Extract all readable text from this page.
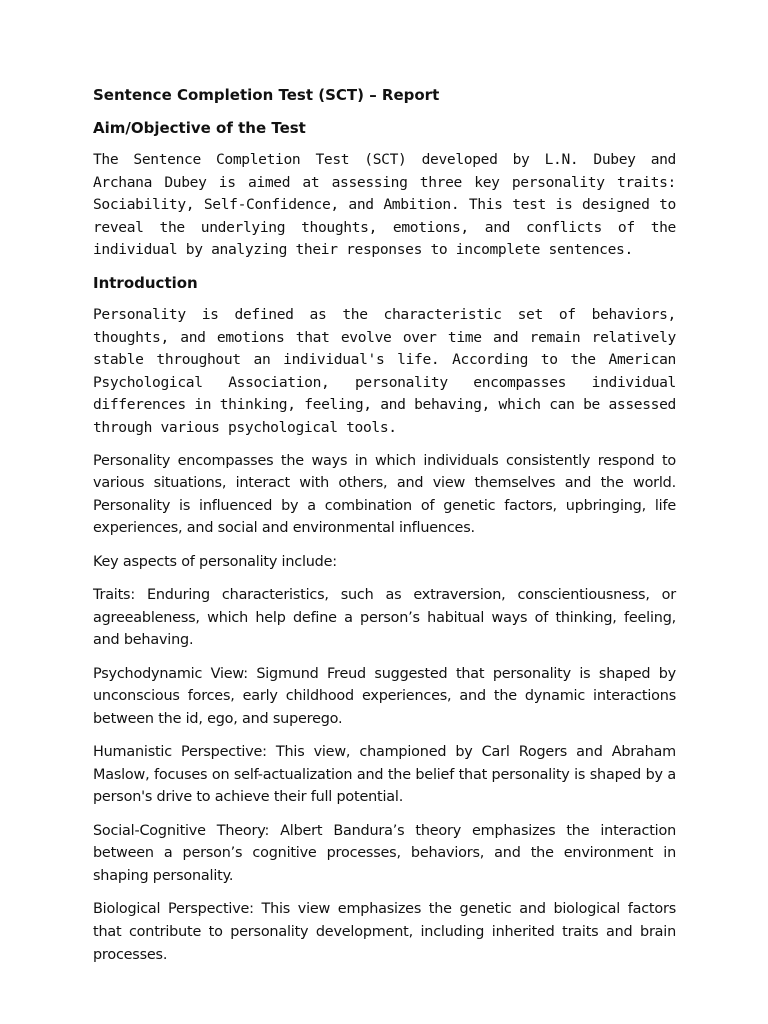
Sentence Completion Test (SCT) – Report
Aim/Objective of the Test
The Sentence Completion Test (SCT) developed by L.N. Dubey and Archana Dubey is aimed at assessing three key personality traits: Sociability, Self-Confidence, and Ambition. This test is designed to reveal the underlying thoughts, emotions, and conflicts of the individual by analyzing their responses to incomplete sentences.
Introduction
Personality is defined as the characteristic set of behaviors, thoughts, and emotions that evolve over time and remain relatively stable throughout an individual's life. According to the American Psychological Association, personality encompasses individual differences in thinking, feeling, and behaving, which can be assessed through various psychological tools.
Personality encompasses the ways in which individuals consistently respond to various situations, interact with others, and view themselves and the world. Personality is influenced by a combination of genetic factors, upbringing, life experiences, and social and environmental influences.
Key aspects of personality include:
Traits: Enduring characteristics, such as extraversion, conscientiousness, or agreeableness, which help define a person’s habitual ways of thinking, feeling, and behaving.
Psychodynamic View: Sigmund Freud suggested that personality is shaped by unconscious forces, early childhood experiences, and the dynamic interactions between the id, ego, and superego.
Humanistic Perspective: This view, championed by Carl Rogers and Abraham Maslow, focuses on self-actualization and the belief that personality is shaped by a person's drive to achieve their full potential.
Social-Cognitive Theory: Albert Bandura’s theory emphasizes the interaction between a person’s cognitive processes, behaviors, and the environment in shaping personality.
Biological Perspective: This view emphasizes the genetic and biological factors that contribute to personality development, including inherited traits and brain processes.
